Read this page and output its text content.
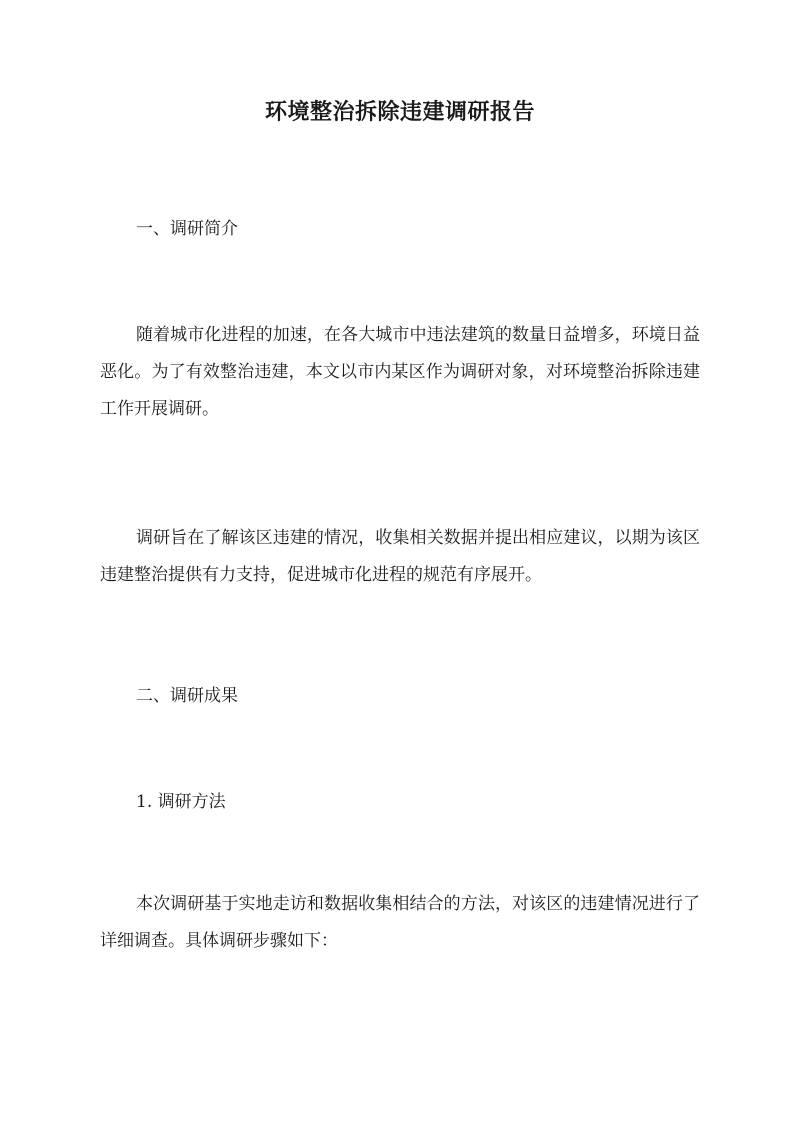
环境整治拆除违建调研报告
一、调研简介
随着城市化进程的加速，在各大城市中违法建筑的数量日益增多，环境日益恶化。为了有效整治违建，本文以市内某区作为调研对象，对环境整治拆除违建工作开展调研。
调研旨在了解该区违建的情况，收集相关数据并提出相应建议，以期为该区违建整治提供有力支持，促进城市化进程的规范有序展开。
二、调研成果
1. 调研方法
本次调研基于实地走访和数据收集相结合的方法，对该区的违建情况进行了详细调查。具体调研步骤如下：
